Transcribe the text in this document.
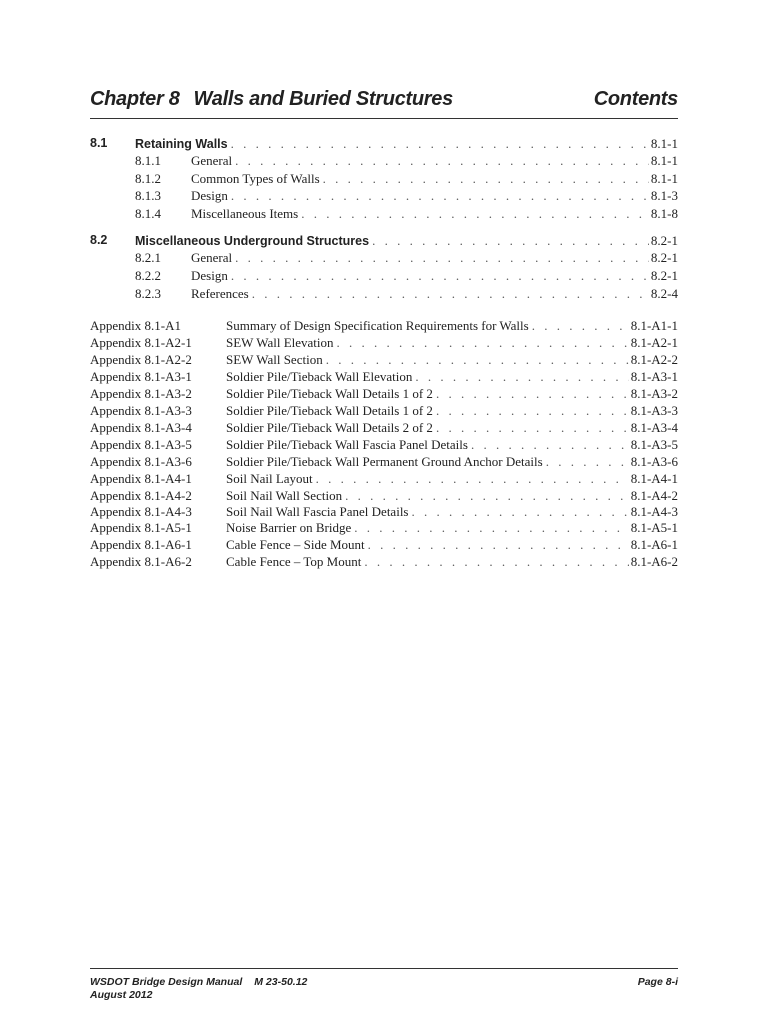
Chapter 8 Walls and Buried Structures	Contents
8.1 Retaining Walls . . .	8.1-1
8.1.1 General . . .	8.1-1
8.1.2 Common Types of Walls . . .	8.1-1
8.1.3 Design . . .	8.1-3
8.1.4 Miscellaneous Items . . .	8.1-8
8.2 Miscellaneous Underground Structures . . .	8.2-1
8.2.1 General . . .	8.2-1
8.2.2 Design . . .	8.2-1
8.2.3 References . . .	8.2-4
Appendix 8.1-A1	Summary of Design Specification Requirements for Walls . . .	8.1-A1-1
Appendix 8.1-A2-1	SEW Wall Elevation . . .	8.1-A2-1
Appendix 8.1-A2-2	SEW Wall Section . . .	8.1-A2-2
Appendix 8.1-A3-1	Soldier Pile/Tieback Wall Elevation . . .	8.1-A3-1
Appendix 8.1-A3-2	Soldier Pile/Tieback Wall Details 1 of 2 . . .	8.1-A3-2
Appendix 8.1-A3-3	Soldier Pile/Tieback Wall Details 1 of 2 . . .	8.1-A3-3
Appendix 8.1-A3-4	Soldier Pile/Tieback Wall Details 2 of 2 . . .	8.1-A3-4
Appendix 8.1-A3-5	Soldier Pile/Tieback Wall Fascia Panel Details . . .	8.1-A3-5
Appendix 8.1-A3-6	Soldier Pile/Tieback Wall Permanent Ground Anchor Details . . .	8.1-A3-6
Appendix 8.1-A4-1	Soil Nail Layout . . .	8.1-A4-1
Appendix 8.1-A4-2	Soil Nail Wall Section . . .	8.1-A4-2
Appendix 8.1-A4-3	Soil Nail Wall Fascia Panel Details . . .	8.1-A4-3
Appendix 8.1-A5-1	Noise Barrier on Bridge . . .	8.1-A5-1
Appendix 8.1-A6-1	Cable Fence – Side Mount . . .	8.1-A6-1
Appendix 8.1-A6-2	Cable Fence – Top Mount . . .	8.1-A6-2
WSDOT Bridge Design Manual M 23-50.12
August 2012
Page 8-i
